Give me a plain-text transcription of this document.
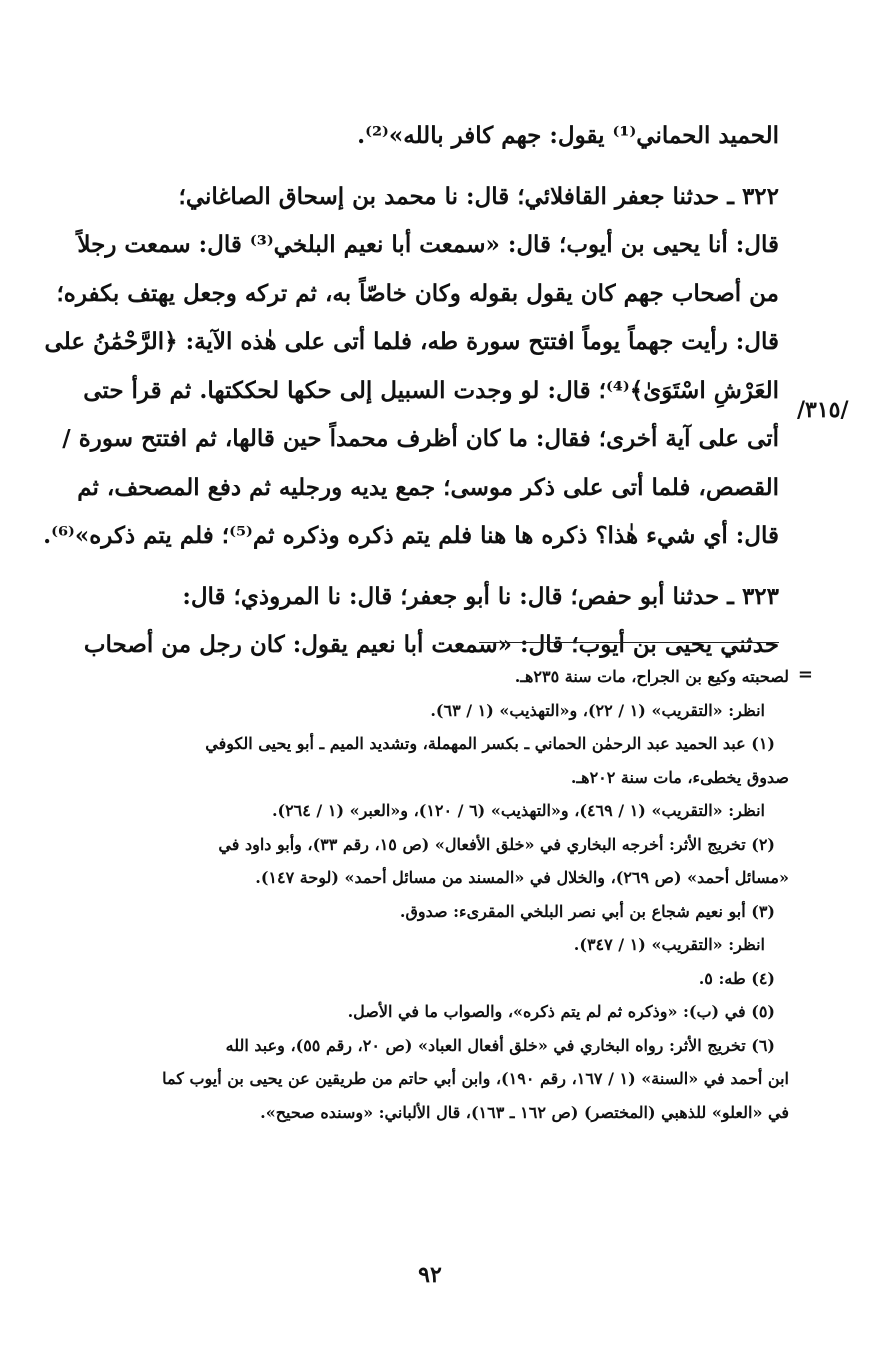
الحميد الحماني⁽¹⁾ يقول: جهم كافر بالله»⁽²⁾.
٣٢٢ ـ حدثنا جعفر القافلائي؛ قال: نا محمد بن إسحاق الصاغاني؛
قال: أنا يحيى بن أيوب؛ قال: «سمعت أبا نعيم البلخي⁽³⁾ قال: سمعت رجلاً
من أصحاب جهم كان يقول بقوله وكان خاصّاً به، ثم تركه وجعل يهتف بكفره؛
قال: رأيت جهماً يوماً افتتح سورة طه، فلما أتى على هٰذه الآية: ﴿الرَّحْمَٰنُ على
العَرْشِ اسْتَوَىٰ﴾⁽⁴⁾؛ قال: لو وجدت السبيل إلى حكها لحككتها. ثم قرأ حتى
أتى على آية أخرى؛ فقال: ما كان أظرف محمداً حين قالها، ثم افتتح سورة /
القصص، فلما أتى على ذكر موسى؛ جمع يديه ورجليه ثم دفع المصحف، ثم
قال: أي شيء هٰذا؟ ذكره ها هنا فلم يتم ذكره وذكره ثم⁽⁵⁾؛ فلم يتم ذكره»⁽⁶⁾.
٣٢٣ ـ حدثنا أبو حفص؛ قال: نا أبو جعفر؛ قال: نا المروذي؛ قال:
حدثني يحيى بن أيوب؛ قال: «سمعت أبا نعيم يقول: كان رجل من أصحاب
/٣١٥/
=
لصحبته وكيع بن الجراح، مات سنة ٢٣٥هـ.
انظر: «التقريب» (١ / ٢٢)، و«التهذيب» (١ / ٦٣).
(١) عبد الحميد عبد الرحمٰن الحماني ـ بكسر المهملة، وتشديد الميم ـ أبو يحيى الكوفي
صدوق يخطىء، مات سنة ٢٠٢هـ.
انظر: «التقريب» (١ / ٤٦٩)، و«التهذيب» (٦ / ١٢٠)، و«العبر» (١ / ٢٦٤).
(٢) تخريج الأثر: أخرجه البخاري في «خلق الأفعال» (ص ١٥، رقم ٣٣)، وأبو داود في
«مسائل أحمد» (ص ٢٦٩)، والخلال في «المسند من مسائل أحمد» (لوحة ١٤٧).
(٣) أبو نعيم شجاع بن أبي نصر البلخي المقرىء: صدوق.
انظر: «التقريب» (١ / ٣٤٧).
(٤) طه: ٥.
(٥) في (ب): «وذكره ثم لم يتم ذكره»، والصواب ما في الأصل.
(٦) تخريج الأثر: رواه البخاري في «خلق أفعال العباد» (ص ٢٠، رقم ٥٥)، وعبد الله
ابن أحمد في «السنة» (١ / ١٦٧، رقم ١٩٠)، وابن أبي حاتم من طريقين عن يحيى بن أيوب كما
في «العلو» للذهبي (المختصر) (ص ١٦٢ ـ ١٦٣)، قال الألباني: «وسنده صحيح».
٩٢
